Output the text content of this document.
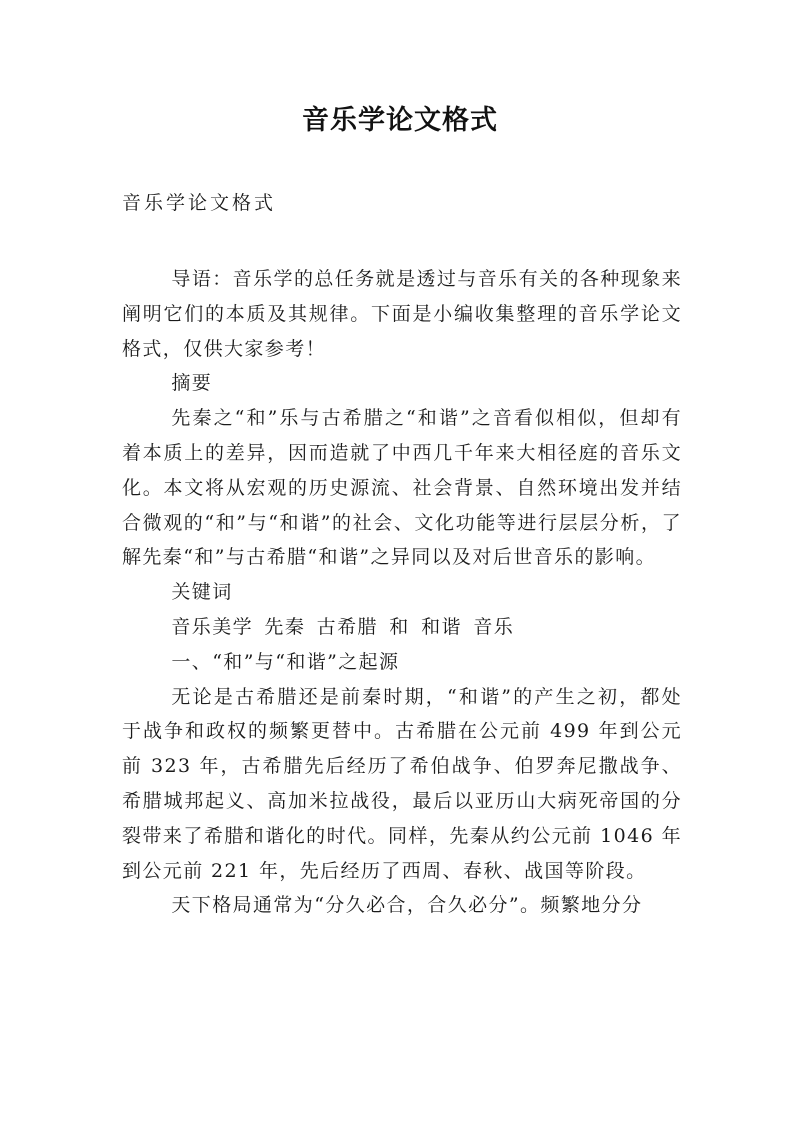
音乐学论文格式
音乐学论文格式

导语：音乐学的总任务就是透过与音乐有关的各种现象来阐明它们的本质及其规律。下面是小编收集整理的音乐学论文格式，仅供大家参考！

摘要

先秦之“和”乐与古希腊之“和谐”之音看似相似，但却有着本质上的差异，因而造就了中西几千年来大相径庭的音乐文化。本文将从宏观的历史源流、社会背景、自然环境出发并结合微观的“和”与“和谐”的社会、文化功能等进行层层分析，了解先秦“和”与古希腊“和谐”之异同以及对后世音乐的影响。

关键词

音乐美学 先秦 古希腊 和 和谐 音乐

一、“和”与“和谐”之起源

无论是古希腊还是前秦时期，“和谐”的产生之初，都处于战争和政权的频繁更替中。古希腊在公元前 499 年到公元前 323 年，古希腊先后经历了希伯战争、伯罗奔尼撒战争、希腊城邦起义、高加米拉战役，最后以亚历山大病死帝国的分裂带来了希腊和谐化的时代。同样，先秦从约公元前 1046 年到公元前 221 年，先后经历了西周、春秋、战国等阶段。

天下格局通常为“分久必合，合久必分”。频繁地分分
